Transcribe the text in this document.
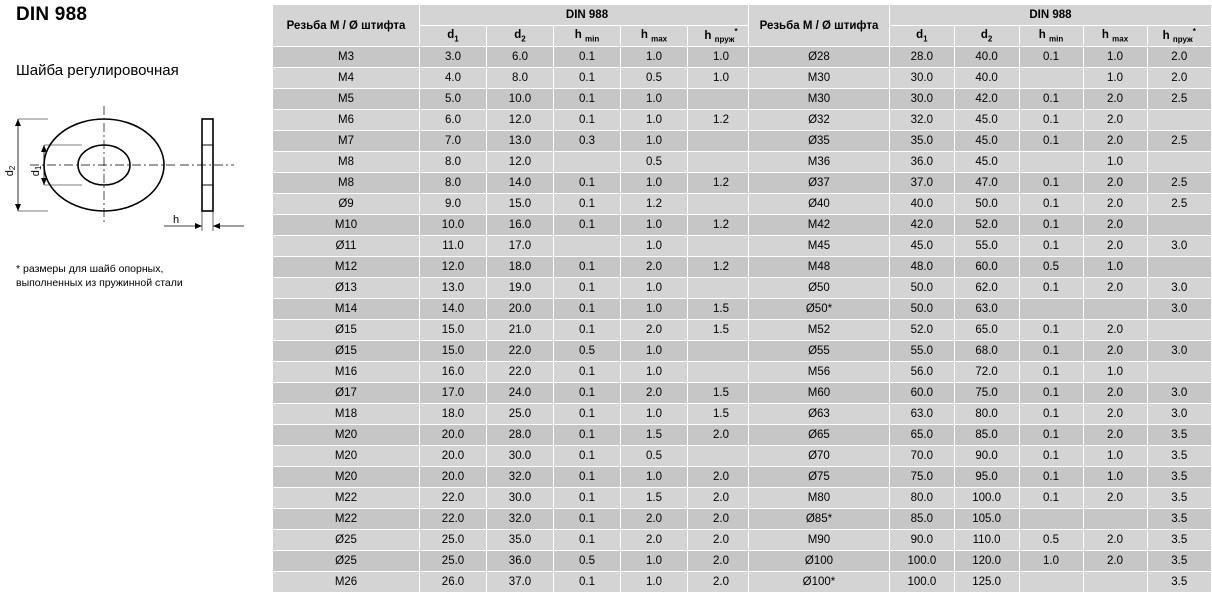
DIN 988
Шайба регулировочная
d2
d1
h
* размеры для шайб опорных,
выполненных из пружинной стали
Резьба M / Ø штифта	DIN 988				
	$d_1$	$d_2$	h $_{min}$	h $_{max}$	h $_{пруж}$*
M3	3.0	6.0	0.1	1.0	1.0
M4	4.0	8.0	0.1	0.5	1.0
M5	5.0	10.0	0.1	1.0	
M6	6.0	12.0	0.1	1.0	1.2
M7	7.0	13.0	0.3	1.0	
M8	8.0	12.0		0.5	
M8	8.0	14.0	0.1	1.0	1.2
Ø9	9.0	15.0	0.1	1.2	
M10	10.0	16.0	0.1	1.0	1.2
Ø11	11.0	17.0		1.0	
M12	12.0	18.0	0.1	2.0	1.2
Ø13	13.0	19.0	0.1	1.0	
M14	14.0	20.0	0.1	1.0	1.5
Ø15	15.0	21.0	0.1	2.0	1.5
Ø15	15.0	22.0	0.5	1.0	
M16	16.0	22.0	0.1	1.0	
Ø17	17.0	24.0	0.1	2.0	1.5
M18	18.0	25.0	0.1	1.0	1.5
M20	20.0	28.0	0.1	1.5	2.0
M20	20.0	30.0	0.1	0.5	
M20	20.0	32.0	0.1	1.0	2.0
M22	22.0	30.0	0.1	1.5	2.0
M22	22.0	32.0	0.1	2.0	2.0
Ø25	25.0	35.0	0.1	2.0	2.0
Ø25	25.0	36.0	0.5	1.0	2.0
M26	26.0	37.0	0.1	1.0	2.0
Резьба M / Ø штифта	DIN 988				
	$d_1$	$d_2$	h $_{min}$	h $_{max}$	h $_{пруж}$*
Ø28	28.0	40.0	0.1	1.0	2.0
M30	30.0	40.0		1.0	2.0
M30	30.0	42.0	0.1	2.0	2.5
Ø32	32.0	45.0	0.1	2.0	
Ø35	35.0	45.0	0.1	2.0	2.5
M36	36.0	45.0		1.0	
Ø37	37.0	47.0	0.1	2.0	2.5
Ø40	40.0	50.0	0.1	2.0	2.5
M42	42.0	52.0	0.1	2.0	
M45	45.0	55.0	0.1	2.0	3.0
M48	48.0	60.0	0.5	1.0	
Ø50	50.0	62.0	0.1	2.0	3.0
Ø50*	50.0	63.0			3.0
M52	52.0	65.0	0.1	2.0	
Ø55	55.0	68.0	0.1	2.0	3.0
M56	56.0	72.0	0.1	1.0	
M60	60.0	75.0	0.1	2.0	3.0
Ø63	63.0	80.0	0.1	2.0	3.0
Ø65	65.0	85.0	0.1	2.0	3.5
Ø70	70.0	90.0	0.1	1.0	3.5
Ø75	75.0	95.0	0.1	1.0	3.5
M80	80.0	100.0	0.1	2.0	3.5
Ø85*	85.0	105.0			3.5
M90	90.0	110.0	0.5	2.0	3.5
Ø100	100.0	120.0	1.0	2.0	3.5
Ø100*	100.0	125.0			3.5
